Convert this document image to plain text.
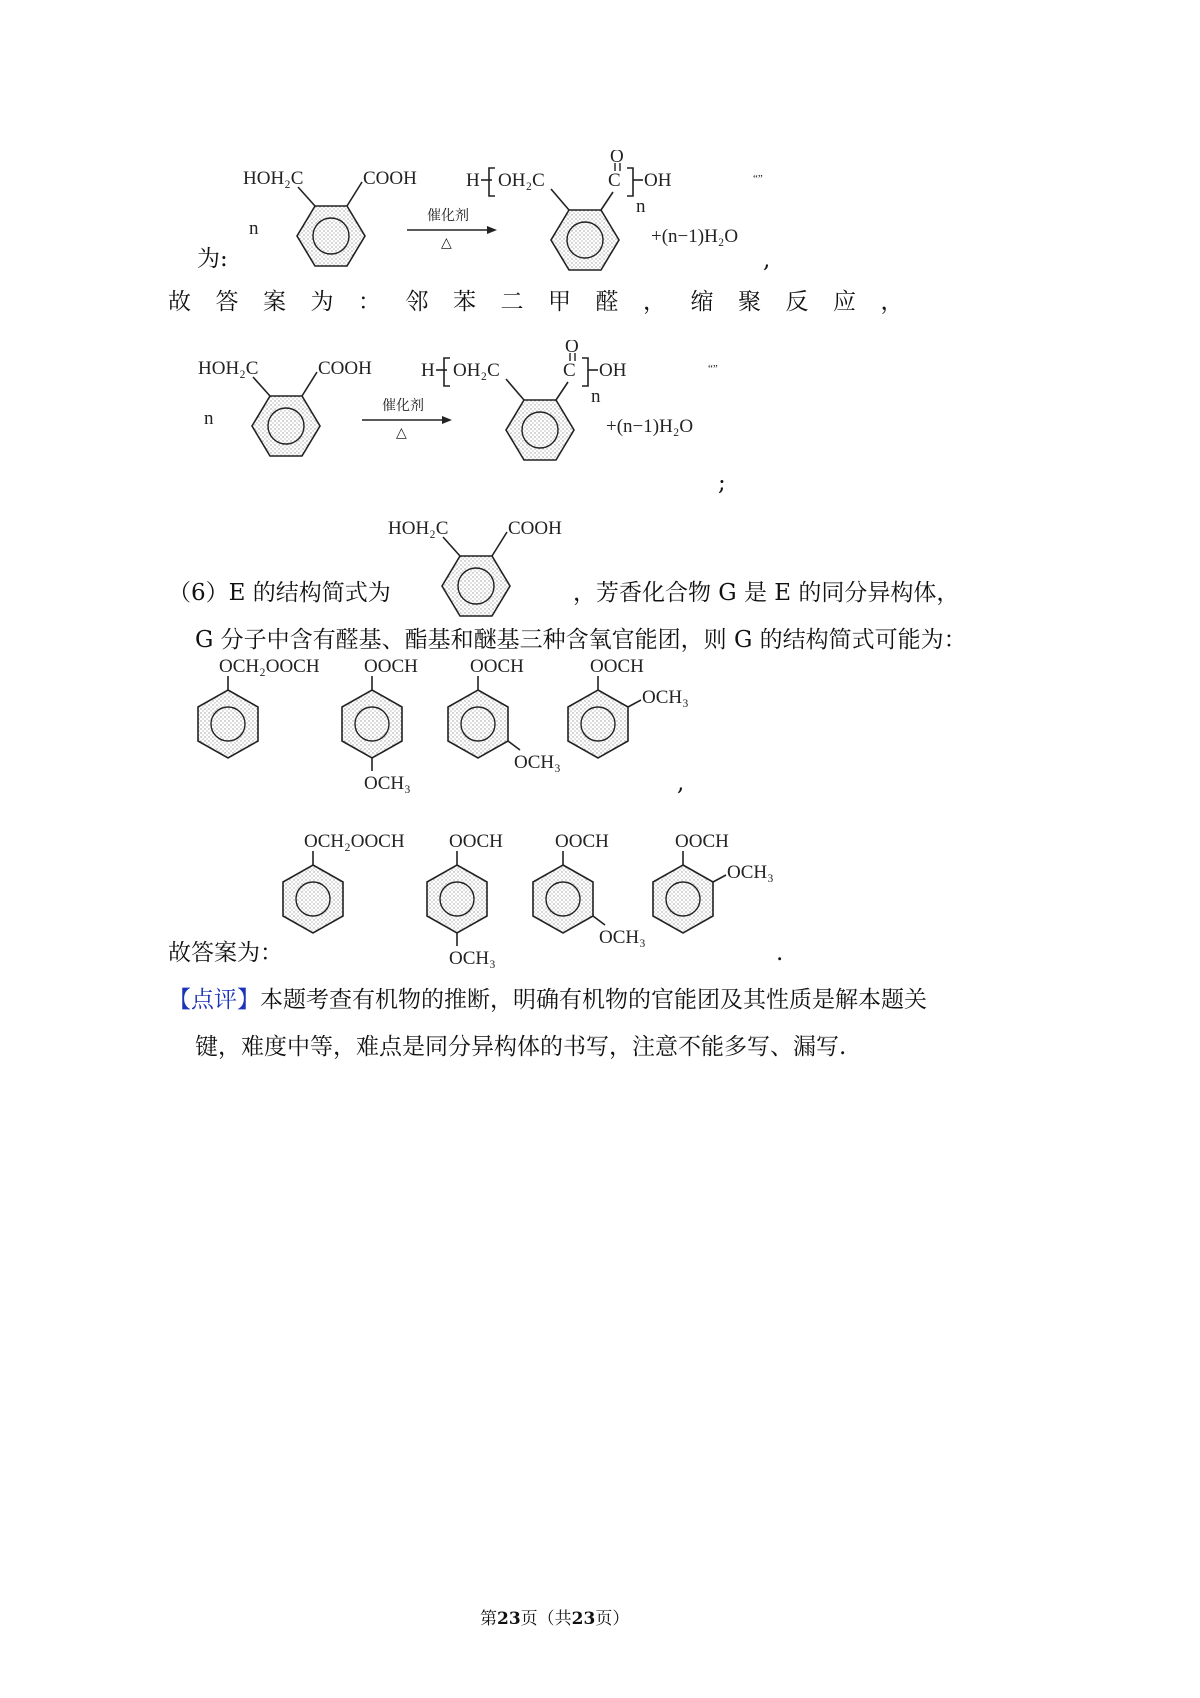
为:
HOH₂C	COOH
n
催化剂
△
H OH₂C	C
O
OH
n
“”
+(n−1)H₂O
,
故答案为：邻苯二甲醛，缩聚反应，
HOH₂C	COOH
n
催化剂
△
H OH₂C	C
O
OH
n
“”
+(n−1)H₂O
;
HOH₂C	COOH
（6）E 的结构简式为	，芳香化合物 G 是 E 的同分异构体，
G 分子中含有醛基、酯基和醚基三种含氧官能团，则 G 的结构简式可能为：
OCH₂OOCH OOCH
OCH₃
OOCH
OCH₃
OOCH
OCH₃
,
OCH₂OOCH OOCH
OCH₃
OOCH
OCH₃
OOCH
OCH₃
故答案为：	.
【点评】本题考查有机物的推断，明确有机物的官能团及其性质是解本题关
键，难度中等，难点是同分异构体的书写，注意不能多写、漏写.
第23页（共23页）
